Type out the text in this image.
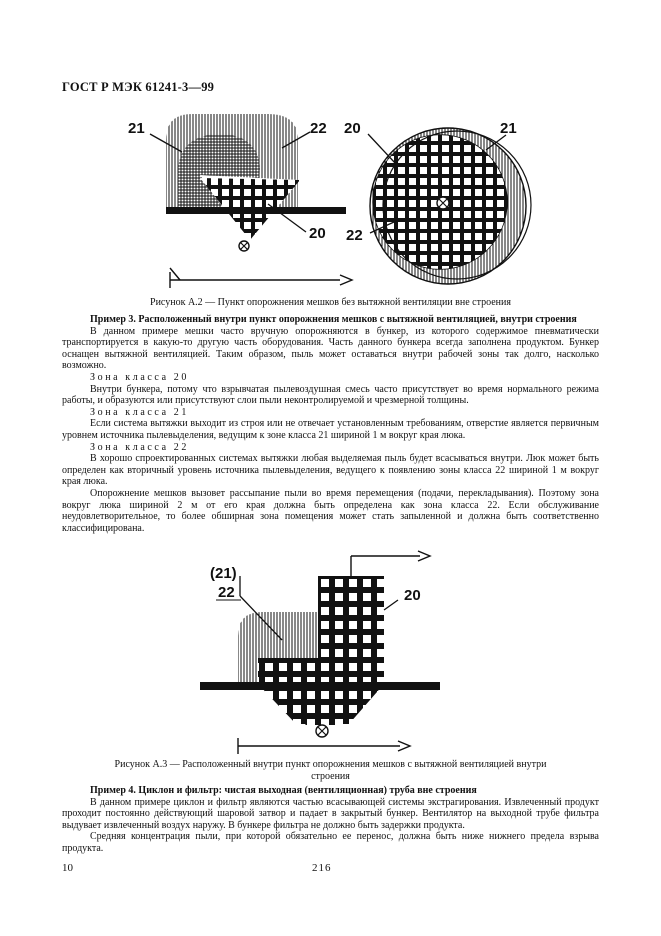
ГОСТ Р МЭК 61241-3—99
21	22
20
20	21
22
Рисунок А.2 — Пункт опорожнения мешков без вытяжной вентиляции вне строения

Пример 3. Расположенный внутри пункт опорожнения мешков с вытяжной вентиляцией, внутри строения

В данном примере мешки часто вручную опорожняются в бункер, из которого содержимое пневматически транспортируется в какую-то другую часть оборудования. Часть данного бункера всегда заполнена продуктом. Бункер оснащен вытяжной вентиляцией. Таким образом, пыль может оставаться внутри рабочей зоны так долго, насколько возможно.

Зона класса 20

Внутри бункера, потому что взрывчатая пылевоздушная смесь часто присутствует во время нормального режима работы, и образуются или присутствуют слои пыли неконтролируемой и чрезмерной толщины.

Зона класса 21

Если система вытяжки выходит из строя или не отвечает установленным требованиям, отверстие является первичным уровнем источника пылевыделения, ведущим к зоне класса 21 шириной 1 м вокруг края люка.

Зона класса 22

В хорошо спроектированных системах вытяжки любая выделяемая пыль будет всасываться внутри. Люк может быть определен как вторичный уровень источника пылевыделения, ведущего к появлению зоны класса 22 шириной 1 м вокруг края люка.

Опорожнение мешков вызовет рассыпание пыли во время перемещения (подачи, перекладывания). Поэтому зона вокруг люка шириной 2 м от его края должна быть определена как зона класса 22. Если обслуживание неудовлетворительное, то более обширная зона помещения может стать запыленной и должна быть соответственно классифицирована.

(21)
22	20
Рисунок А.3 — Расположенный внутри пункт опорожнения мешков с вытяжной вентиляцией внутри
строения

Пример 4. Циклон и фильтр: чистая выходная (вентиляционная) труба вне строения

В данном примере циклон и фильтр являются частью всасывающей системы экстрагирования. Извлеченный продукт проходит постоянно действующий шаровой затвор и падает в закрытый бункер. Вентилятор на выходной трубе фильтра выдувает извлеченный воздух наружу. В бункере фильтра не должно быть задержки продукта.

Средняя концентрация пыли, при которой обязательно ее перенос, должна быть ниже нижнего предела взрыва продукта.

10	216
